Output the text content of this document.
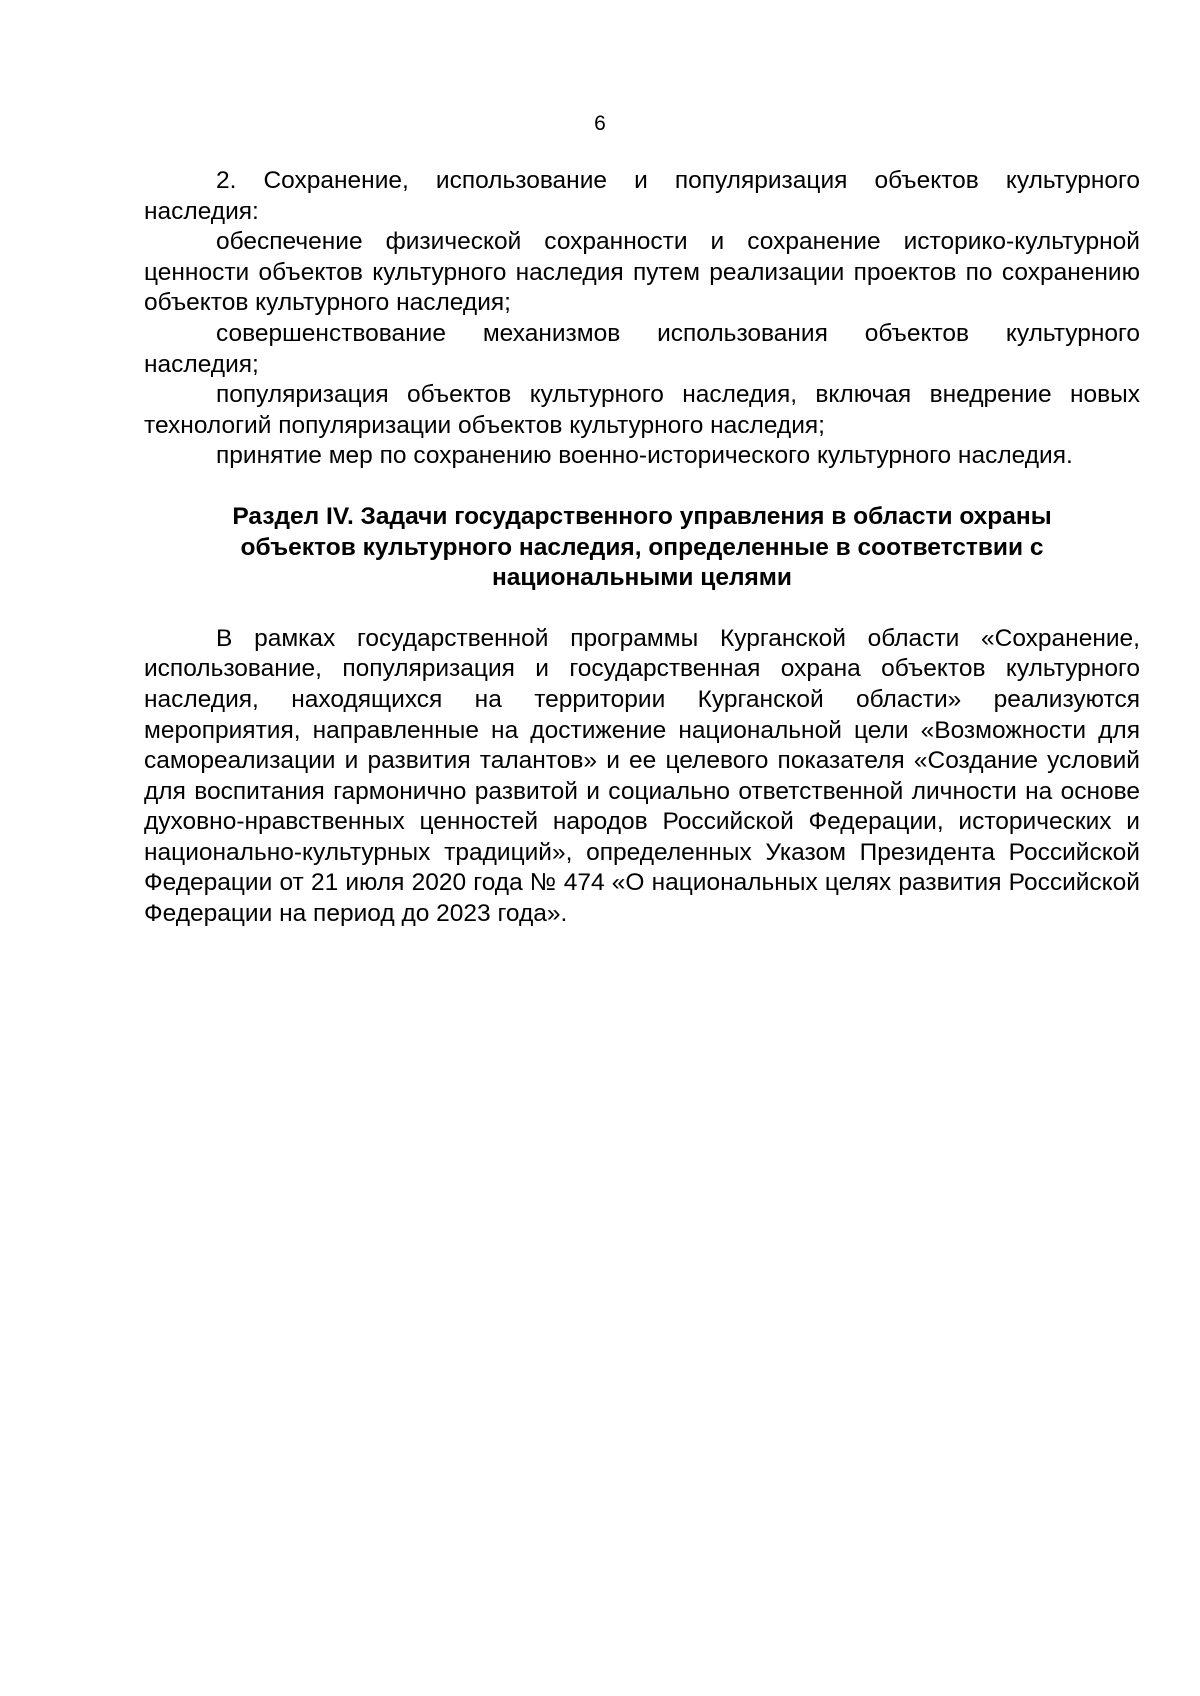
6

2. Сохранение, использование и популяризация объектов культурного наследия:

обеспечение физической сохранности и сохранение историко-культурной ценности объектов культурного наследия путем реализации проектов по сохранению объектов культурного наследия;

совершенствование механизмов использования объектов культурного наследия;

популяризация объектов культурного наследия, включая внедрение новых технологий популяризации объектов культурного наследия;

принятие мер по сохранению военно-исторического культурного наследия.

Раздел IV. Задачи государственного управления в области охраны
объектов культурного наследия, определенные в соответствии с
национальными целями

В рамках государственной программы Курганской области «Сохранение, использование, популяризация и государственная охрана объектов культурного наследия, находящихся на территории Курганской области» реализуются мероприятия, направленные на достижение национальной цели «Возможности для самореализации и развития талантов» и ее целевого показателя «Создание условий для воспитания гармонично развитой и социально ответственной личности на основе духовно-нравственных ценностей народов Российской Федерации, исторических и национально-культурных традиций», определенных Указом Президента Российской Федерации от 21 июля 2020 года № 474 «О национальных целях развития Российской Федерации на период до 2023 года».
